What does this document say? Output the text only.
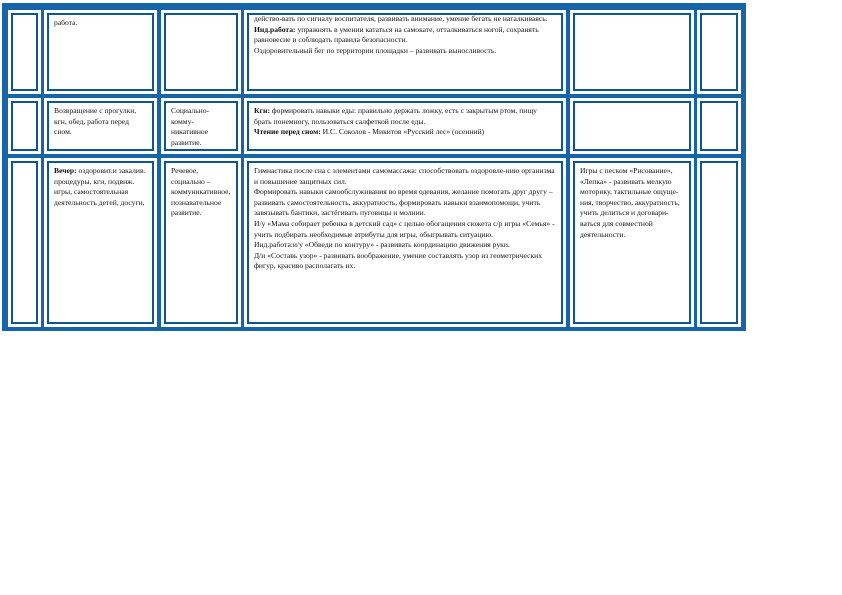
работа.	действо-вать по сигналу воспитателя, развивать внимание, умение бегать не наталкиваясь.

Инд.работа: упражнять в умении кататься на самокате, отталкиваться ногой, сохранять равновесие и соблюдать правила безопасности.

Оздоровительный бег по территории площадки – развивать выносливость.

Возвращение с прогулки, кгн, обед, работа перед сном.

Социально-комму-никативное развитие.

Кгн: формировать навыки еды: правильно держать ложку, есть с закрытым ртом, пищу брать понемногу, пользоваться салфеткой после еды.

Чтение перед сном: И.С. Соколов - Микитов «Русский лес» (осенний)

Вечер: оздоровит.и закалив. процедуры, кгн, подвиж. игры, самостоятельная деятельность детей, досуги,

Речевое, социально – коммуникативное, познавательное развитие.

Гимнастика после сна с элементами самомассажа: способствовать оздоровле-нию организма и повышение защитных сил.

Формировать навыки самообслуживания во время одевания, желание помогать друг другу – развивать самостоятельность, аккуратность, формировать навыки взаимопомощи, учить завязывать бантики, застёгивать пуговицы и молнии.

И/у «Мама собирает ребенка в детский сад» с целью обогащения сюжета с/р игры «Семья» - учить подбирать необходимые атрибуты для игры, обыгрывать ситуацию.

Инд.работа:и/у «Обведи по контуру» - развивать координацию движения руки.

Д/и «Составь узор» - развивать воображение, умение составлять узор из геометрических фигур, красиво располагать их.

Игры с песком «Рисование», «Лепка» - развивать мелкую моторику, тактильные ощуще-ния, творчество, аккуратность, учить делиться и договари-ваться для совместной деятельности.
